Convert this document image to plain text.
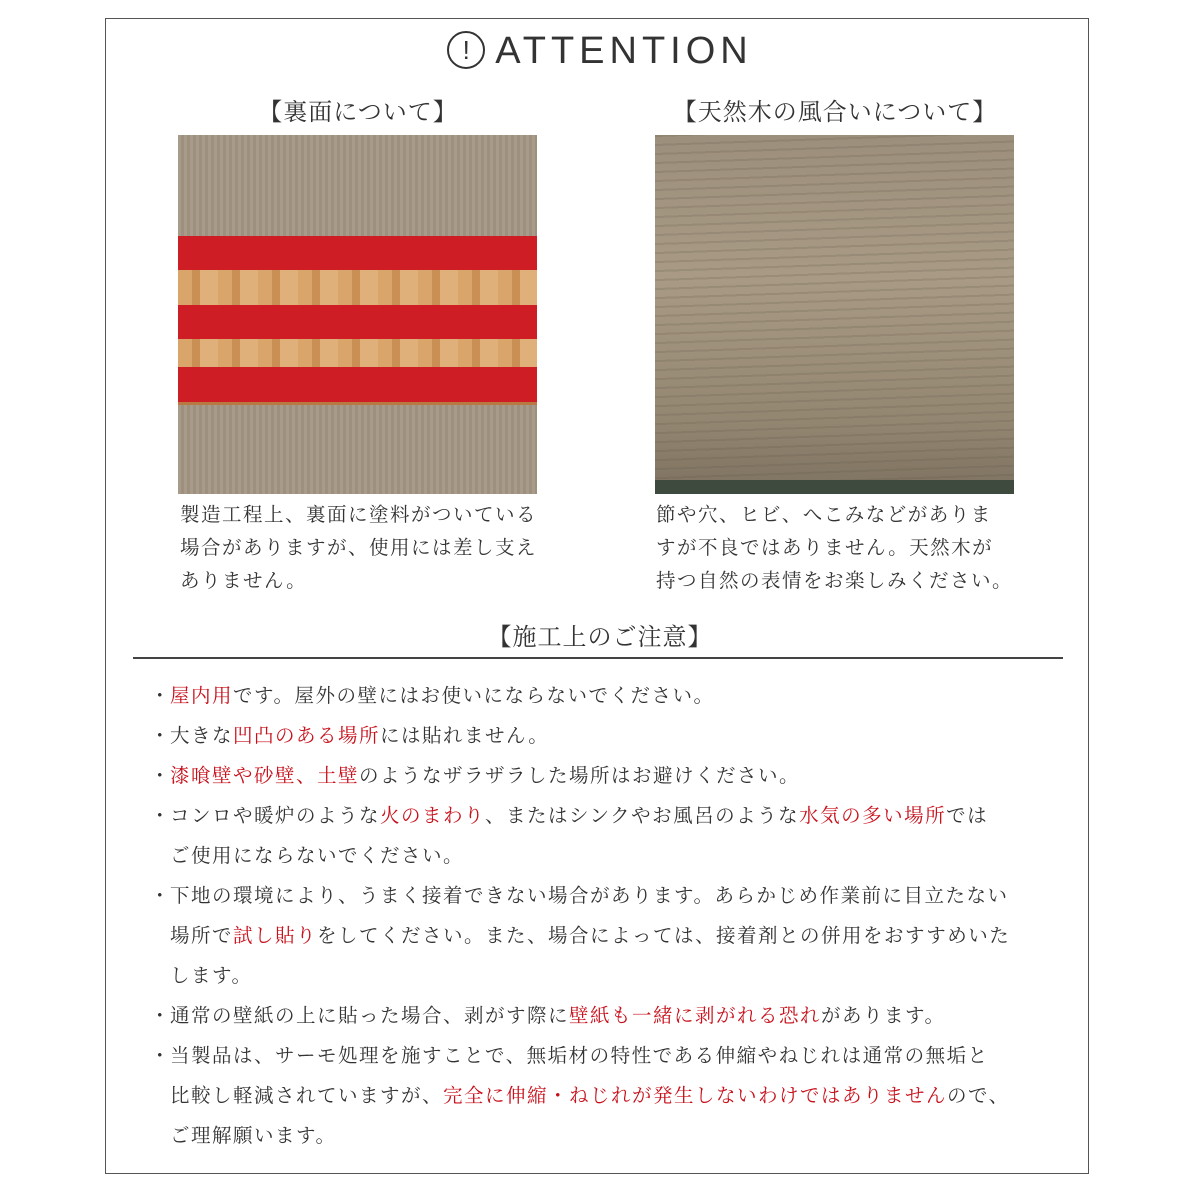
! ATTENTION
【裏面について】	【天然木の風合いについて】
製造工程上、裏面に塗料がついている
場合がありますが、使用には差し支え
ありません。
節や穴、ヒビ、へこみなどがありま
すが不良ではありません。天然木が
持つ自然の表情をお楽しみください。
【施工上のご注意】
・
屋内用です。屋外の壁にはお使いにならないでください。
・
大きな凹凸のある場所には貼れません。
・
漆喰壁や砂壁、土壁のようなザラザラした場所はお避けください。
・
コンロや暖炉のような火のまわり、またはシンクやお風呂のような水気の多い場所では
ご使用にならないでください。
・
下地の環境により、うまく接着できない場合があります。あらかじめ作業前に目立たない
場所で試し貼りをしてください。また、場合によっては、接着剤との併用をおすすめいた
します。
・
通常の壁紙の上に貼った場合、剥がす際に壁紙も一緒に剥がれる恐れがあります。
・
当製品は、サーモ処理を施すことで、無垢材の特性である伸縮やねじれは通常の無垢と
比較し軽減されていますが、完全に伸縮・ねじれが発生しないわけではありませんので、
ご理解願います。
